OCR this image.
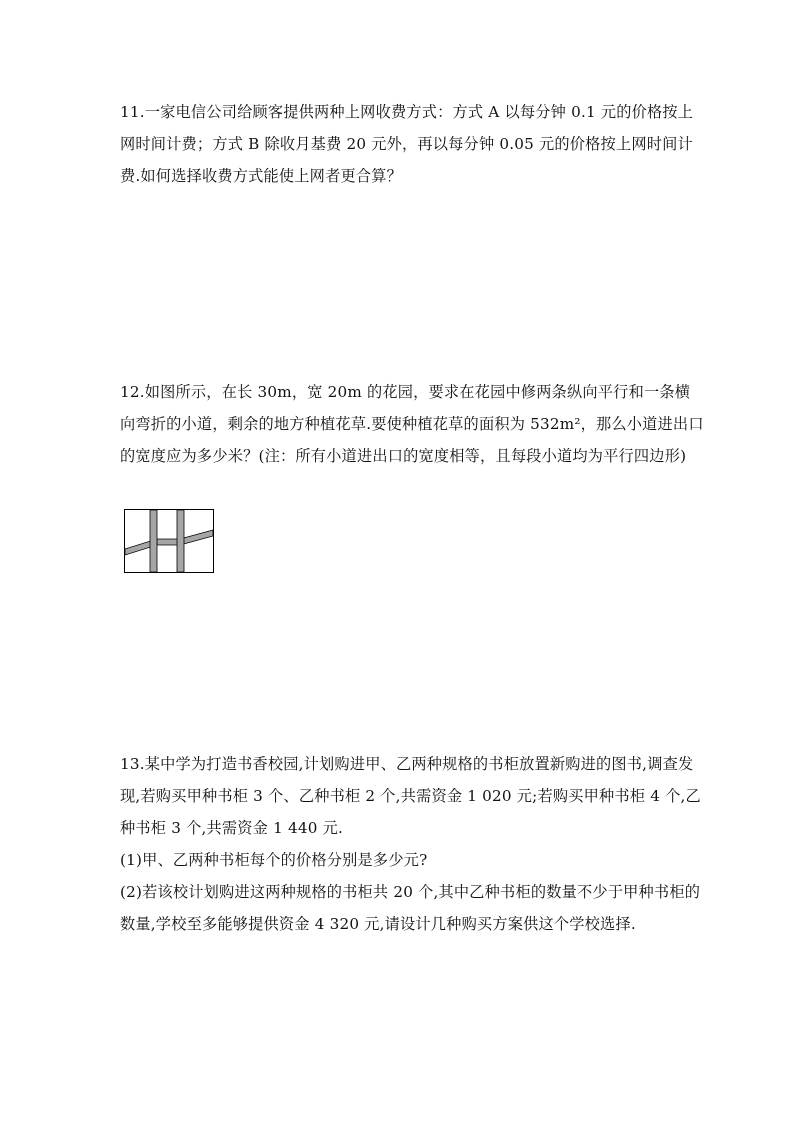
11.一家电信公司给顾客提供两种上网收费方式：方式 A 以每分钟 0.1 元的价格按上网时间计费；方式 B 除收月基费 20 元外，再以每分钟 0.05 元的价格按上网时间计费.如何选择收费方式能使上网者更合算？

12.如图所示，在长 30m，宽 20m 的花园，要求在花园中修两条纵向平行和一条横向弯折的小道，剩余的地方种植花草.要使种植花草的面积为 532m²，那么小道进出口的宽度应为多少米？(注：所有小道进出口的宽度相等，且每段小道均为平行四边形)

13.某中学为打造书香校园,计划购进甲、乙两种规格的书柜放置新购进的图书,调查发现,若购买甲种书柜 3 个、乙种书柜 2 个,共需资金 1 020 元;若购买甲种书柜 4 个,乙种书柜 3 个,共需资金 1 440 元.

(1)甲、乙两种书柜每个的价格分别是多少元?

(2)若该校计划购进这两种规格的书柜共 20 个,其中乙种书柜的数量不少于甲种书柜的数量,学校至多能够提供资金 4 320 元,请设计几种购买方案供这个学校选择.
